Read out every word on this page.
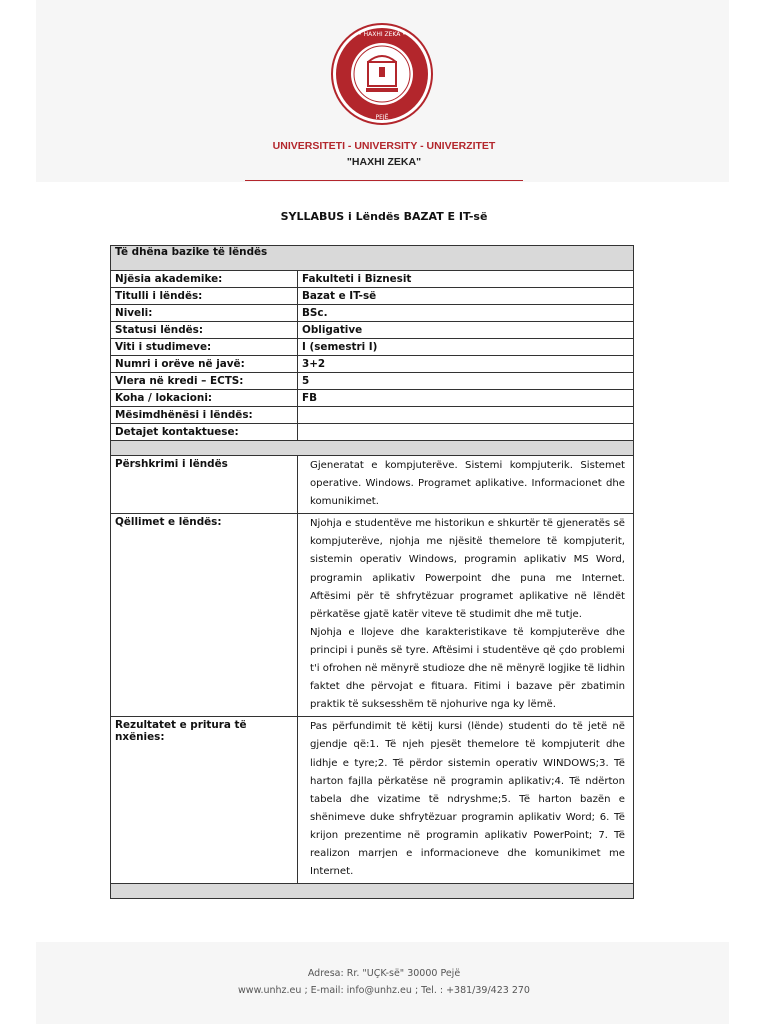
• HAXHI ZEKA •
PEJË
UNIVERSITETI - UNIVERSITY - UNIVERZITET
"HAXHI ZEKA"
SYLLABUS i Lëndës BAZAT E IT-së
Të dhëna bazike të lëndës	
Njësia akademike:	Fakulteti i Biznesit
Titulli i lëndës:	Bazat e IT-së
Niveli:	BSc.
Statusi lëndës:	Obligative
Viti i studimeve:	I (semestri I)
Numri i orëve në javë:	3+2
Vlera në kredi – ECTS:	5
Koha / lokacioni:	FB
Mësimdhënësi i lëndës:	
Detajet kontaktuese:	

Përshkrimi i lëndës	Gjeneratat e kompjuterëve. Sistemi kompjuterik. Sistemet operative. Windows. Programet aplikative. Informacionet dhe komunikimet.
Qëllimet e lëndës:	Njohja e studentëve me historikun e shkurtër të gjeneratës së kompjuterëve, njohja me njësitë themelore të kompjuterit, sistemin operativ Windows, programin aplikativ MS Word, programin aplikativ Powerpoint dhe puna me Internet. Aftësimi për të shfrytëzuar programet aplikative në lëndët përkatëse gjatë katër viteve të studimit dhe më tutje.
Njohja e llojeve dhe karakteristikave të kompjuterëve dhe principi i punës së tyre. Aftësimi i studentëve që çdo problemi t'i ofrohen në mënyrë studioze dhe në mënyrë logjike të lidhin faktet dhe përvojat e fituara. Fitimi i bazave për zbatimin praktik të suksesshëm të njohurive nga ky lëmë.

Rezultatet e pritura të nxënies:	Pas përfundimit të këtij kursi (lënde) studenti do të jetë në gjendje që:1. Të njeh pjesët themelore të kompjuterit dhe lidhje e tyre;2. Të përdor sistemin operativ WINDOWS;3. Të harton fajlla përkatëse në programin aplikativ;4. Të ndërton tabela dhe vizatime të ndryshme;5. Të harton bazën e shënimeve duke shfrytëzuar programin aplikativ Word; 6. Të krijon prezentime në programin aplikativ PowerPoint; 7. Të realizon marrjen e informacioneve dhe komunikimet me Internet.

Adresa: Rr. "UÇK-së" 30000 Pejë
www.unhz.eu ; E-mail: info@unhz.eu ; Tel. : +381/39/423 270
